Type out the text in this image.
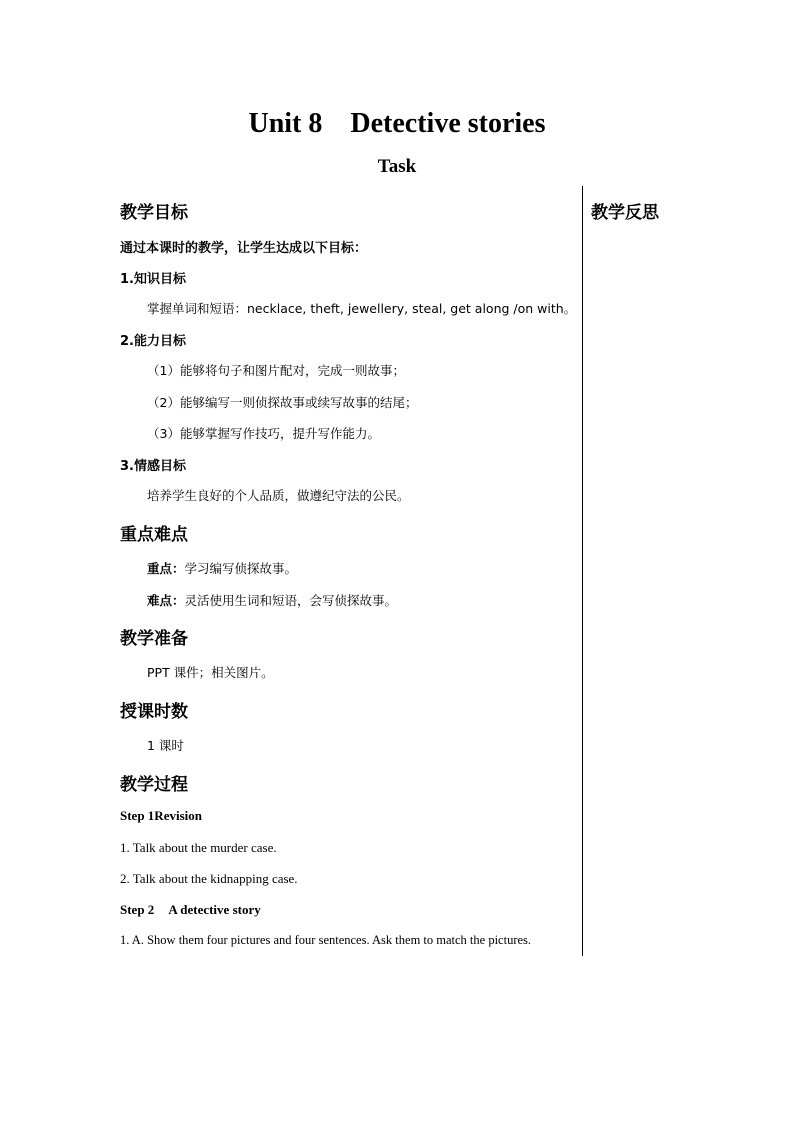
Unit 8 Detective stories
Task
教学反思
教学目标
通过本课时的教学，让学生达成以下目标：
1.知识目标
掌握单词和短语：necklace, theft, jewellery, steal, get along /on with。
2.能力目标
（1）能够将句子和图片配对，完成一则故事；
（2）能够编写一则侦探故事或续写故事的结尾；
（3）能够掌握写作技巧，提升写作能力。
3.情感目标
培养学生良好的个人品质，做遵纪守法的公民。
重点难点
重点：学习编写侦探故事。
难点：灵活使用生词和短语，会写侦探故事。
教学准备
PPT 课件；相关图片。
授课时数
1 课时
教学过程
Step 1Revision
1. Talk about the murder case.
2. Talk about the kidnapping case.
Step 2 A detective story
1. A. Show them four pictures and four sentences. Ask them to match the pictures.
